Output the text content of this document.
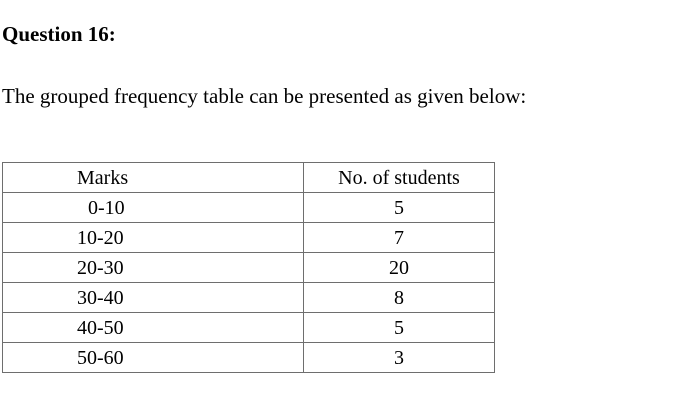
Question 16:
The grouped frequency table can be presented as given below:
Marks	No. of students
0-10	5
10-20	7
20-30	20
30-40	8
40-50	5
50-60	3
